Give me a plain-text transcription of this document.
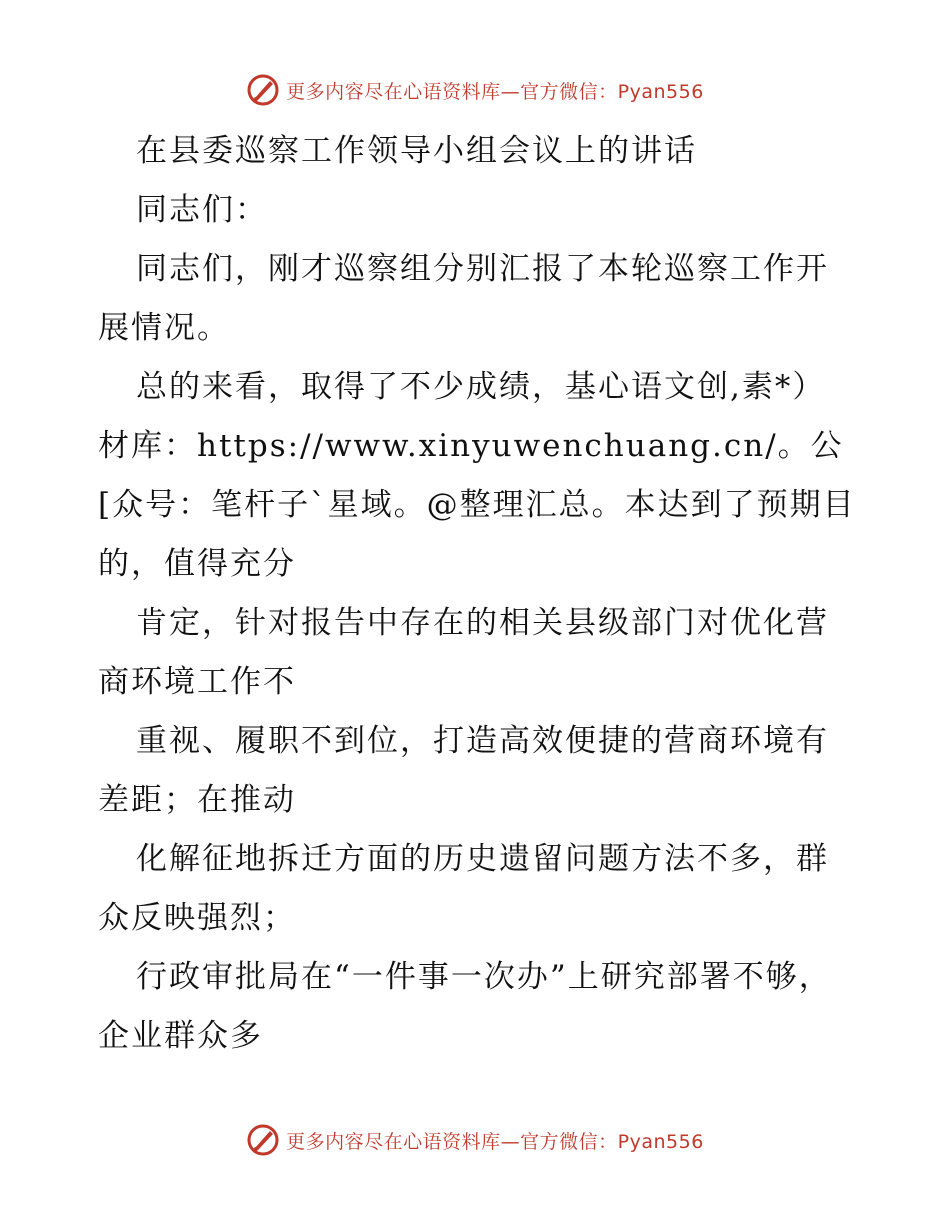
更多内容尽在心语资料库—官方微信：Pyan556

在县委巡察工作领导小组会议上的讲话

同志们：

同志们，刚才巡察组分别汇报了本轮巡察工作开展情况。

总的来看，取得了不少成绩，基心语文创,素*）材库：https://www.xinyuwenchuang.cn/。公[众号：笔杆子`星域。@整理汇总。本达到了预期目的，值得充分

肯定，针对报告中存在的相关县级部门对优化营商环境工作不

重视、履职不到位，打造高效便捷的营商环境有差距；在推动

化解征地拆迁方面的历史遗留问题方法不多，群众反映强烈；

行政审批局在“一件事一次办”上研究部署不够，企业群众多

更多内容尽在心语资料库—官方微信：Pyan556
